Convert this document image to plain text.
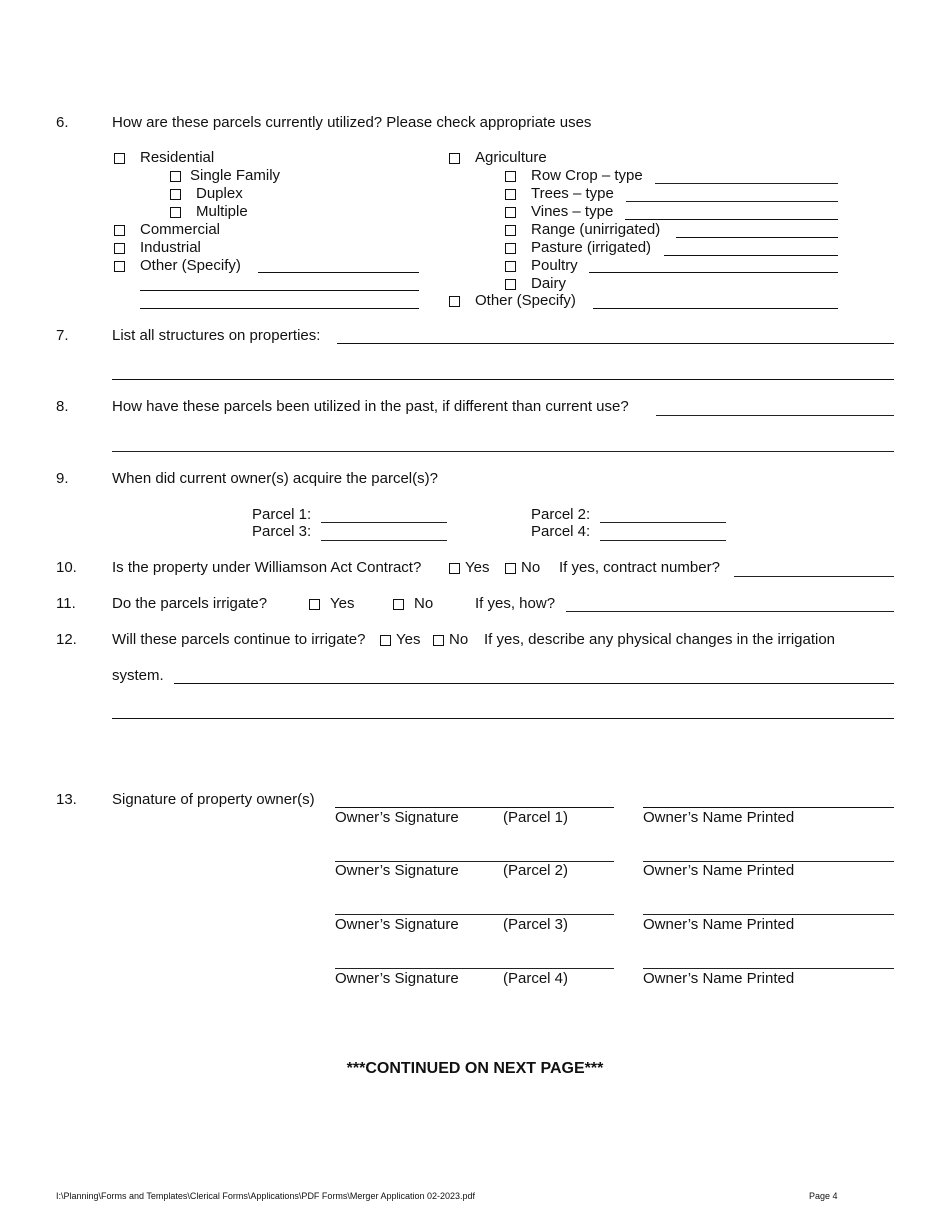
6.	How are these parcels currently utilized? Please check appropriate uses
Residential
Single Family
Duplex
Multiple
Commercial
Industrial
Other (Specify)
Agriculture
Row Crop – type
Trees – type
Vines – type
Range (unirrigated)
Pasture (irrigated)
Poultry
Dairy
Other (Specify)
7.	List all structures on properties:
8.	How have these parcels been utilized in the past, if different than current use?
9.	When did current owner(s) acquire the parcel(s)?
Parcel 1:	Parcel 2:
Parcel 3:	Parcel 4:
10. Is the property under Williamson Act Contract?	Yes No If yes, contract number?
11. Do the parcels irrigate?	Yes	No	If yes, how?
12. Will these parcels continue to irrigate? Yes No If yes, describe any physical changes in the irrigation
system.
13. Signature of property owner(s)
Owner’s Signature	(Parcel 1)	Owner’s Name Printed
Owner’s Signature	(Parcel 2)	Owner’s Name Printed
Owner’s Signature	(Parcel 3)	Owner’s Name Printed
Owner’s Signature	(Parcel 4)	Owner’s Name Printed
***CONTINUED ON NEXT PAGE***
I:\Planning\Forms and Templates\Clerical Forms\Applications\PDF Forms\Merger Application 02-2023.pdf	Page 4
